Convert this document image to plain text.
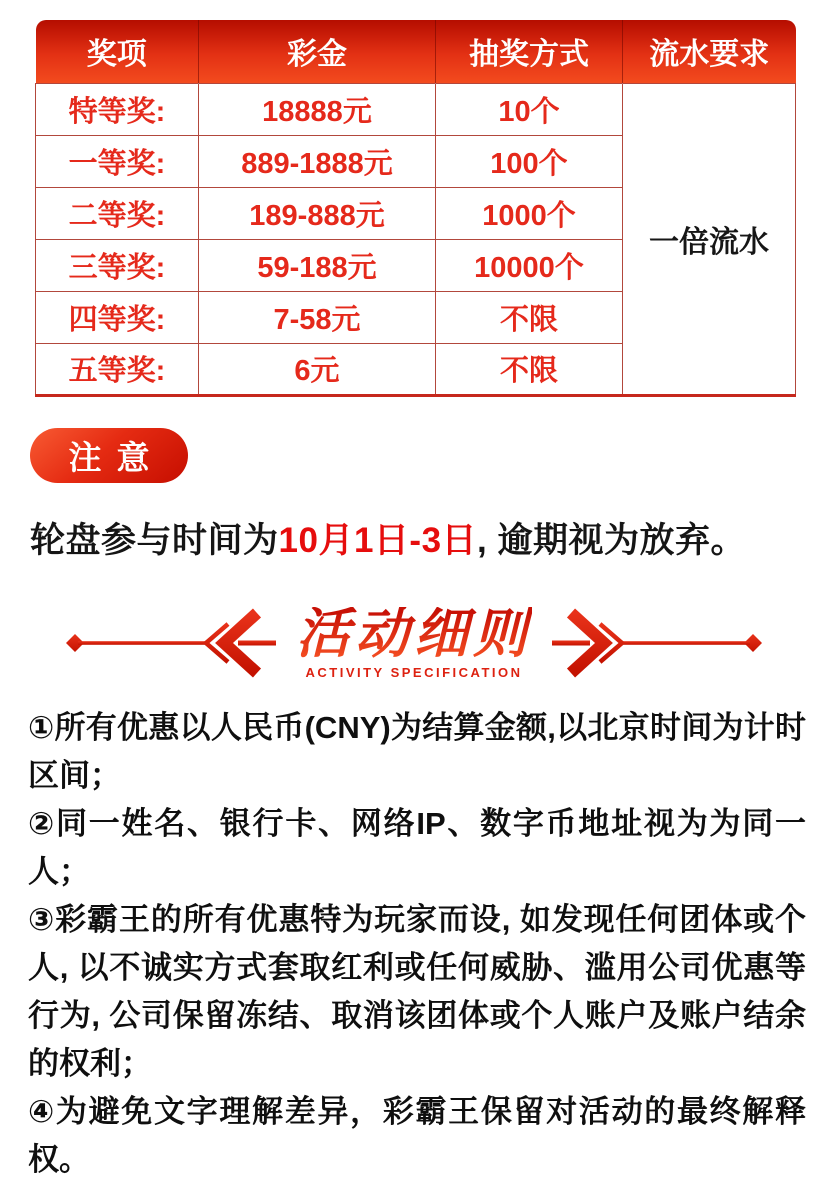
奖项	彩金	抽奖方式	流水要求
特等奖:	18888元	10个	一倍流水
一等奖:	889-1888元	100个	
二等奖:	189-888元	1000个	
三等奖:	59-188元	10000个	
四等奖:	7-58元	不限	
五等奖:	6元	不限	
注意
轮盘参与时间为10月1日-3日, 逾期视为放弃。
活动细则
ACTIVITY SPECIFICATION

①所有优惠以人民币(CNY)为结算金额,以北京时间为计时区间；

②同一姓名、银行卡、网络IP、数字币地址视为为同一人；

③彩霸王的所有优惠特为玩家而设, 如发现任何团体或个人, 以不诚实方式套取红利或任何威胁、滥用公司优惠等行为, 公司保留冻结、取消该团体或个人账户及账户结余的权利；

④为避免文字理解差异，彩霸王保留对活动的最终解释权。
